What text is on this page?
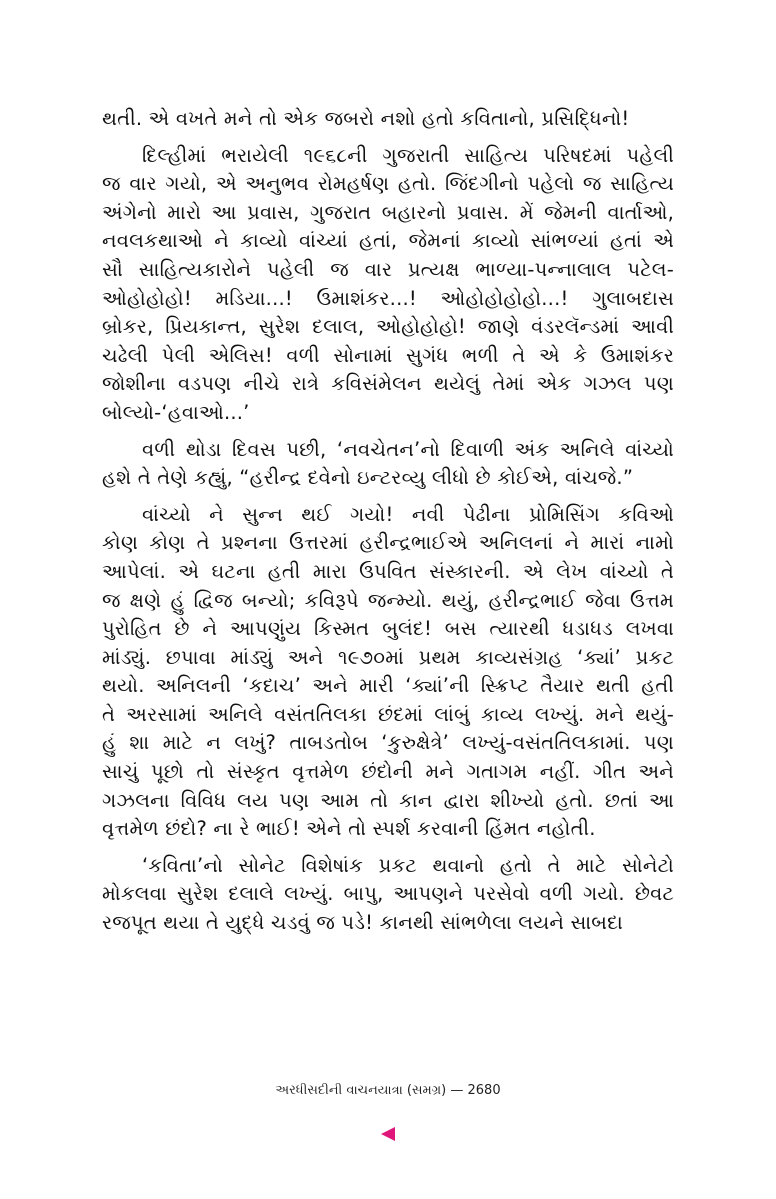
થતી. એ વખતે મને તો એક જબરો નશો હતો કવિતાનો, પ્રસિદ્ધિનો!
દિલ્હીમાં ભરાયેલી ૧૯૬૮ની ગુજરાતી સાહિત્ય પરિષદમાં પહેલી
જ વાર ગયો, એ અનુભવ રોમહર્ષણ હતો. જિંદગીનો પહેલો જ સાહિત્ય
અંગેનો મારો આ પ્રવાસ, ગુજરાત બહારનો પ્રવાસ. મેં જેમની વાર્તાઓ,
નવલકથાઓ ને કાવ્યો વાંચ્યાં હતાં, જેમનાં કાવ્યો સાંભળ્યાં હતાં એ
સૌ સાહિત્યકારોને પહેલી જ વાર પ્રત્યક્ષ ભાળ્યા-પન્નાલાલ પટેલ-
ઓહોહોહો! મડિયા...! ઉમાશંકર...! ઓહોહોહોહો...! ગુલાબદાસ
બ્રોકર, પ્રિયકાન્ત, સુરેશ દલાલ, ઓહોહોહો! જાણે વંડરલૅન્ડમાં આવી
ચઢેલી પેલી એલિસ! વળી સોનામાં સુગંધ ભળી તે એ કે ઉમાશંકર
જોશીના વડપણ નીચે રાત્રે કવિસંમેલન થયેલું તેમાં એક ગઝલ પણ
બોલ્યો-‘હવાઓ...’
વળી થોડા દિવસ પછી, ‘નવચેતન’નો દિવાળી અંક અનિલે વાંચ્યો
હશે તે તેણે કહ્યું, “હરીન્દ્ર દવેનો ઇન્ટરવ્યુ લીધો છે કોઈએ, વાંચજે.”
વાંચ્યો ને સુન્ન થઈ ગયો! નવી પેઢીના પ્રોમિસિંગ કવિઓ
કોણ કોણ તે પ્રશ્નના ઉત્તરમાં હરીન્દ્રભાઈએ અનિલનાં ને મારાં નામો
આપેલાં. એ ઘટના હતી મારા ઉપવિત સંસ્કારની. એ લેખ વાંચ્યો તે
જ ક્ષણે હું દ્વિજ બન્યો; કવિરૂપે જન્મ્યો. થયું, હરીન્દ્રભાઈ જેવા ઉત્તમ
પુરોહિત છે ને આપણુંય કિસ્મત બુલંદ! બસ ત્યારથી ધડાધડ લખવા
માંડ્યું. છપાવા માંડ્યું અને ૧૯૭૦માં પ્રથમ કાવ્યસંગ્રહ ‘ક્યાં’ પ્રકટ
થયો. અનિલની ‘કદાચ’ અને મારી ‘ક્યાં’ની સ્ક્રિપ્ટ તૈયાર થતી હતી
તે અરસામાં અનિલે વસંતતિલકા છંદમાં લાંબું કાવ્ય લખ્યું. મને થયું-
હું શા માટે ન લખું? તાબડતોબ ‘કુરુક્ષેત્રે’ લખ્યું-વસંતતિલકામાં. પણ
સાચું પૂછો તો સંસ્કૃત વૃત્તમેળ છંદોની મને ગતાગમ નહીં. ગીત અને
ગઝલના વિવિધ લય પણ આમ તો કાન દ્વારા શીખ્યો હતો. છતાં આ
વૃત્તમેળ છંદો? ના રે ભાઈ! એને તો સ્પર્શ કરવાની હિંમત નહોતી.
‘કવિતા’નો સોનેટ વિશેષાંક પ્રકટ થવાનો હતો તે માટે સોનેટો
મોકલવા સુરેશ દલાલે લખ્યું. બાપુ, આપણને પરસેવો વળી ગયો. છેવટ
રજપૂત થયા તે યુદ્ધે ચડવું જ પડે! કાનથી સાંભળેલા લયને સાબદા
અરધીસદીની વાચનયાત્રા (સમગ્ર) — 2680
